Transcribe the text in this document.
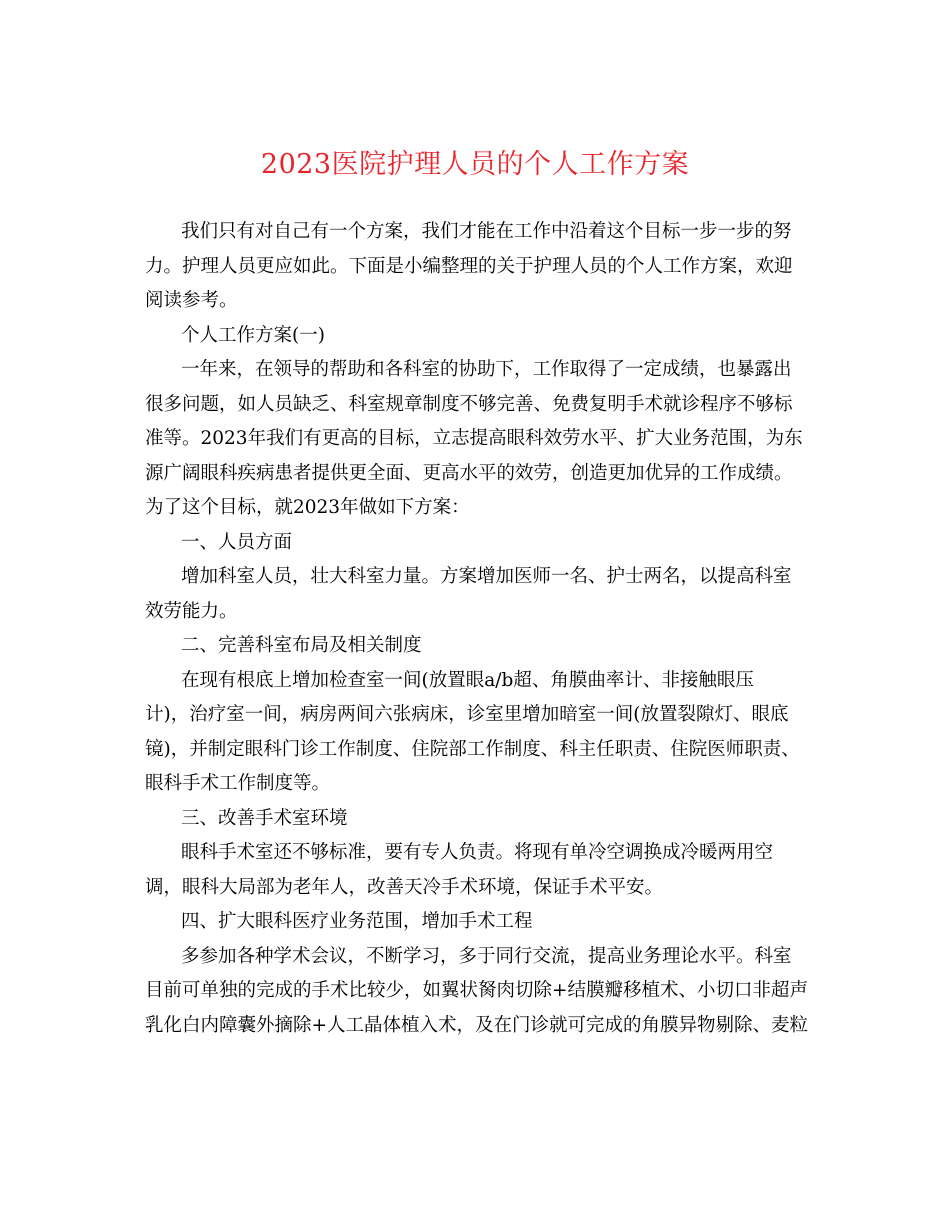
2023医院护理人员的个人工作方案
我们只有对自己有一个方案，我们才能在工作中沿着这个目标一步一步的努
力。护理人员更应如此。下面是小编整理的关于护理人员的个人工作方案，欢迎
阅读参考。
个人工作方案(一)
一年来，在领导的帮助和各科室的协助下，工作取得了一定成绩，也暴露出
很多问题，如人员缺乏、科室规章制度不够完善、免费复明手术就诊程序不够标
准等。2023年我们有更高的目标，立志提高眼科效劳水平、扩大业务范围，为东
源广阔眼科疾病患者提供更全面、更高水平的效劳，创造更加优异的工作成绩。
为了这个目标，就2023年做如下方案：
一、人员方面
增加科室人员，壮大科室力量。方案增加医师一名、护士两名，以提高科室
效劳能力。
二、完善科室布局及相关制度
在现有根底上增加检查室一间(放置眼a/b超、角膜曲率计、非接触眼压
计)，治疗室一间，病房两间六张病床，诊室里增加暗室一间(放置裂隙灯、眼底
镜)，并制定眼科门诊工作制度、住院部工作制度、科主任职责、住院医师职责、
眼科手术工作制度等。
三、改善手术室环境
眼科手术室还不够标准，要有专人负责。将现有单冷空调换成冷暖两用空
调，眼科大局部为老年人，改善天冷手术环境，保证手术平安。
四、扩大眼科医疗业务范围，增加手术工程
多参加各种学术会议，不断学习，多于同行交流，提高业务理论水平。科室
目前可单独的完成的手术比较少，如翼状胬肉切除+结膜瓣移植术、小切口非超声
乳化白内障囊外摘除+人工晶体植入术，及在门诊就可完成的角膜异物剔除、麦粒
